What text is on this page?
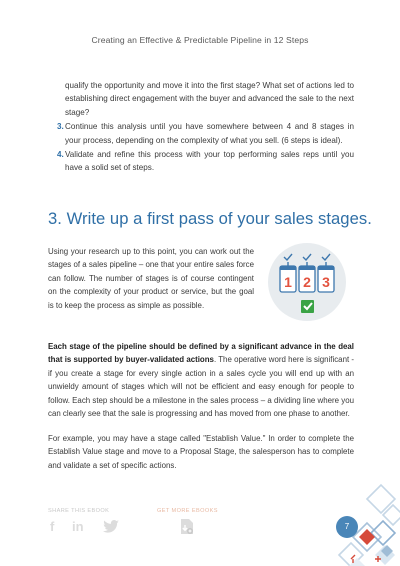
Creating an Effective & Predictable Pipeline in 12 Steps
qualify the opportunity and move it into the first stage? What set of actions led to establishing direct engagement with the buyer and advanced the sale to the next stage?
3. Continue this analysis until you have somewhere between 4 and 8 stages in your process, depending on the complexity of what you sell. (6 steps is ideal).
4. Validate and refine this process with your top performing sales reps until you have a solid set of steps.
3. Write up a first pass of your sales stages.
Using your research up to this point, you can work out the stages of a sales pipeline – one that your entire sales force can follow. The number of stages is of course contingent on the complexity of your product or service, but the goal is to keep the process as simple as possible.
1 2 3
Each stage of the pipeline should be defined by a significant advance in the deal that is supported by buyer-validated actions. The operative word here is significant - if you create a stage for every single action in a sales cycle you will end up with an unwieldy amount of stages which will not be efficient and easy enough for people to follow. Each step should be a milestone in the sales process – a dividing line where you can clearly see that the sale is progressing and has moved from one phase to another.
For example, you may have a stage called "Establish Value." In order to complete the Establish Value stage and move to a Proposal Stage, the salesperson has to complete and validate a set of specific actions.
SHARE THIS EBOOK	GET MORE EBOOKS
f in	7
